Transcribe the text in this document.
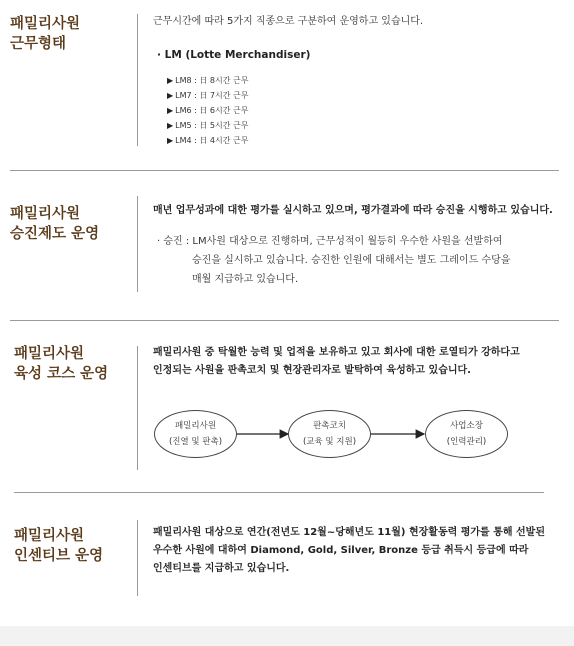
패밀리사원
근무형태
근무시간에 따라 5가지 직종으로 구분하여 운영하고 있습니다.
· LM (Lotte Merchandiser)
▶ LM8 : 日 8시간 근무
▶ LM7 : 日 7시간 근무
▶ LM6 : 日 6시간 근무
▶ LM5 : 日 5시간 근무
▶ LM4 : 日 4시간 근무
패밀리사원
승진제도 운영
매년 업무성과에 대한 평가를 실시하고 있으며, 평가결과에 따라 승진을 시행하고 있습니다.
· 승진 : LM사원 대상으로 진행하며, 근무성적이 월등히 우수한 사원을 선발하여
승진을 실시하고 있습니다. 승진한 인원에 대해서는 별도 그레이드 수당을
매월 지급하고 있습니다.
패밀리사원
육성 코스 운영
패밀리사원 중 탁월한 능력 및 업적을 보유하고 있고 회사에 대한 로열티가 강하다고
인정되는 사원을 판촉코치 및 현장관리자로 발탁하여 육성하고 있습니다.
패밀리사원
(진열 및 판촉)
판촉코치
(교육 및 지원)
사업소장
(인력관리)
패밀리사원
인센티브 운영
패밀리사원 대상으로 연간(전년도 12월~당해년도 11월) 현장활동력 평가를 통해 선발된
우수한 사원에 대하여 Diamond, Gold, Silver, Bronze 등급 취득시 등급에 따라
인센티브를 지급하고 있습니다.
